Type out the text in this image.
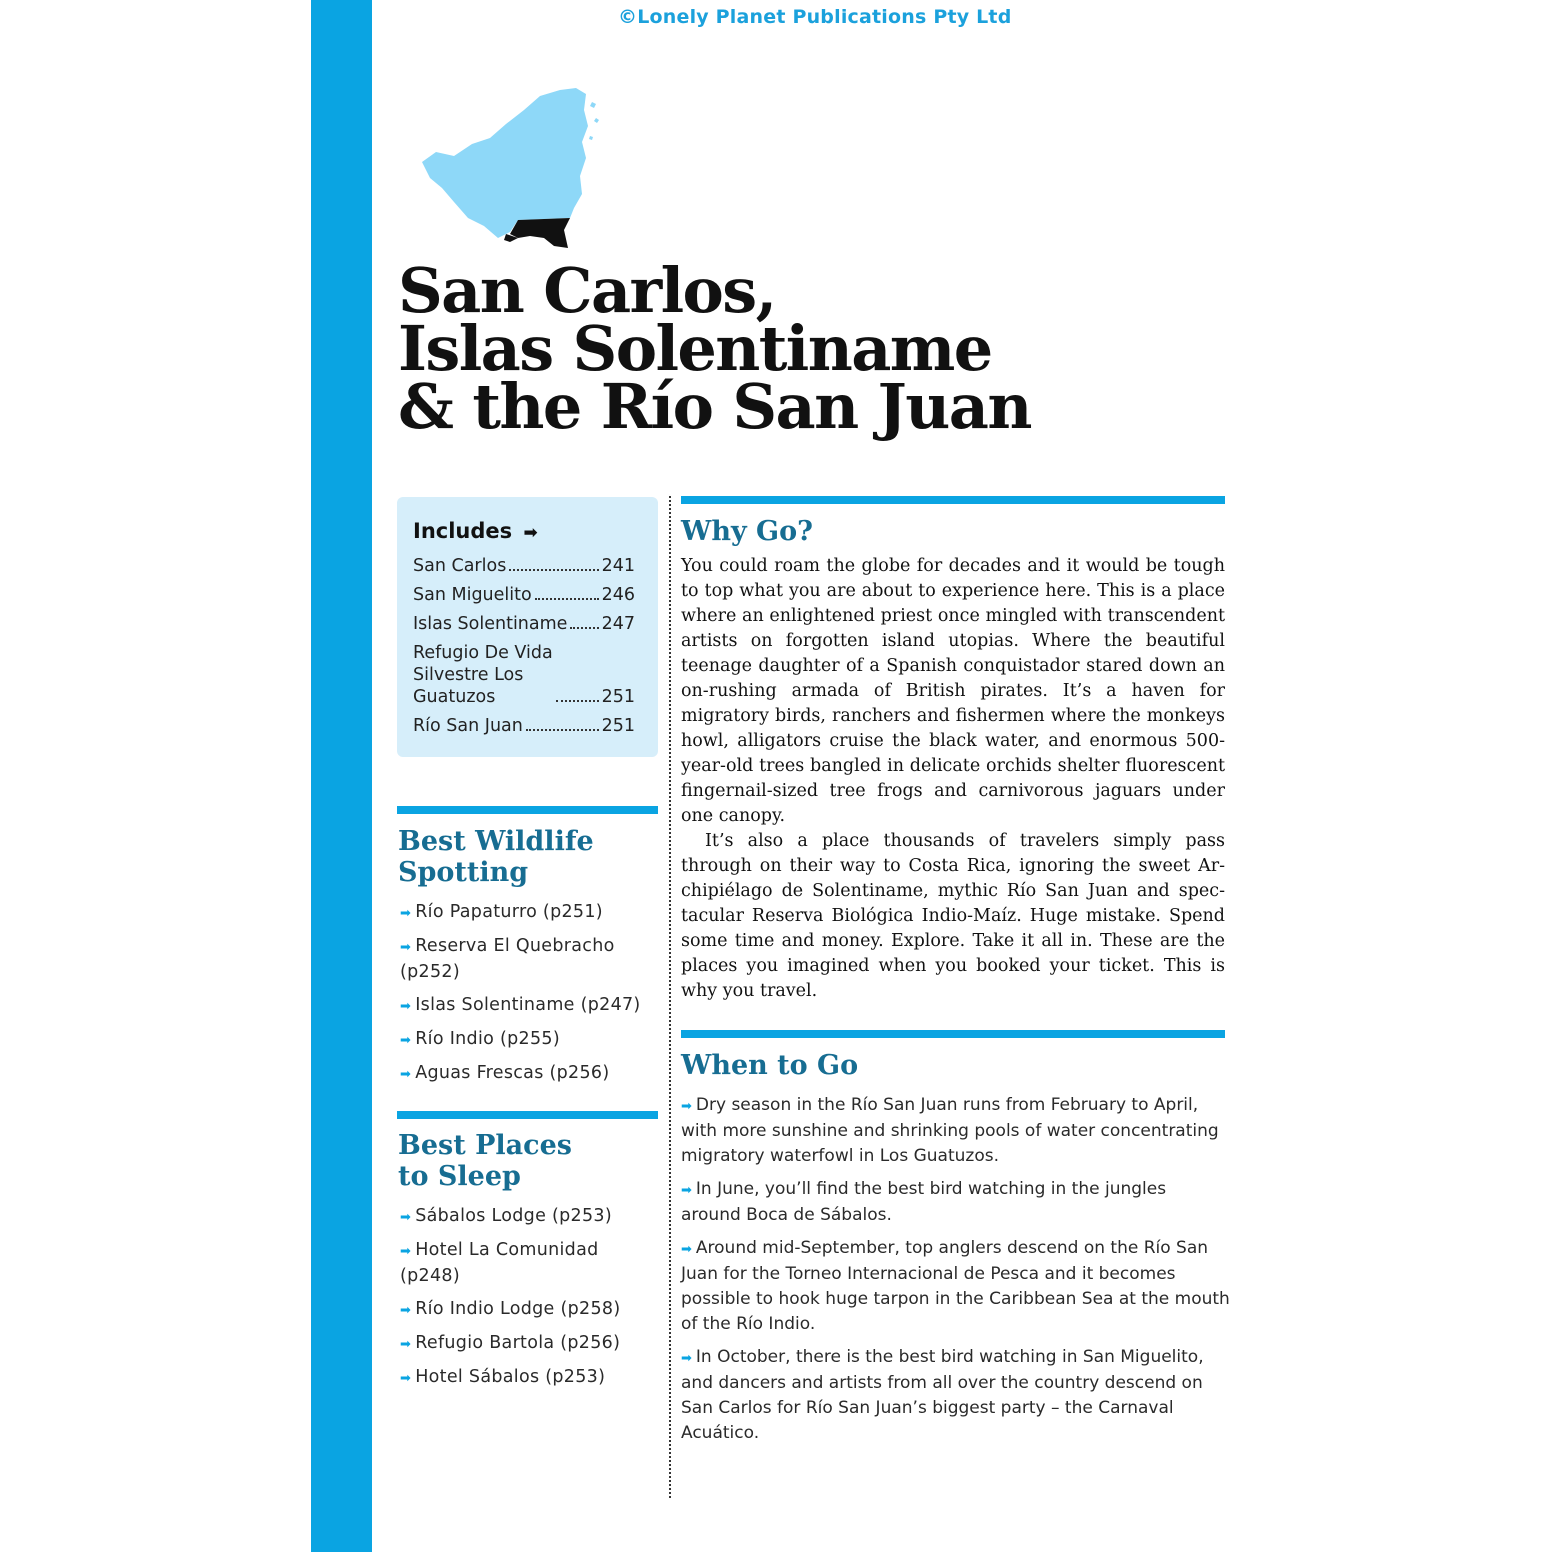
©Lonely Planet Publications Pty Ltd
San Carlos,
Islas Solentiname
& the Río San Juan
Includes ➡
San Carlos	241
San Miguelito	246
Islas Solentiname 247
Refugio De Vida
Silvestre Los
Guatuzos	251
Río San Juan	251
Best Wildlife
Spotting
➡ Río Papaturro (p251)
➡ Reserva El Quebracho (p252)
➡ Islas Solentiname (p247)
➡ Río Indio (p255)
➡ Aguas Frescas (p256)
Best Places
to Sleep
➡ Sábalos Lodge (p253)
➡ Hotel La Comunidad (p248)
➡ Río Indio Lodge (p258)
➡ Refugio Bartola (p256)
➡ Hotel Sábalos (p253)
Why Go?

You could roam the globe for decades and it would be tough to top what you are about to experience here. This is a place where an enlightened priest once mingled with transcendent artists on forgotten island utopias. Where the beautiful teenage daughter of a Spanish conquistador stared down an on-rushing armada of British pirates. It’s a haven for migratory birds, ranchers and fishermen where the monkeys howl, alligators cruise the black water, and enormous 500-year-old trees bangled in delicate orchids shelter fluorescent fingernail-sized tree frogs and carnivorous jaguars under one canopy.

It’s also a place thousands of travelers simply pass through on their way to Costa Rica, ignoring the sweet Archipiélago de Solentiname, mythic Río San Juan and spectacular Reserva Biológica Indio-Maíz. Huge mistake. Spend some time and money. Explore. Take it all in. These are the places you imagined when you booked your ticket. This is why you travel.

When to Go
➡ Dry season in the Río San Juan runs from February to April, with more sunshine and shrinking pools of water concentrating migratory waterfowl in Los Guatuzos.
➡ In June, you’ll find the best bird watching in the jungles around Boca de Sábalos.
➡ Around mid-September, top anglers descend on the Río San Juan for the Torneo Internacional de Pesca and it becomes possible to hook huge tarpon in the Caribbean Sea at the mouth of the Río Indio.
➡ In October, there is the best bird watching in San Miguelito, and dancers and artists from all over the country descend on San Carlos for Río San Juan’s biggest party – the Carnaval Acuático.
